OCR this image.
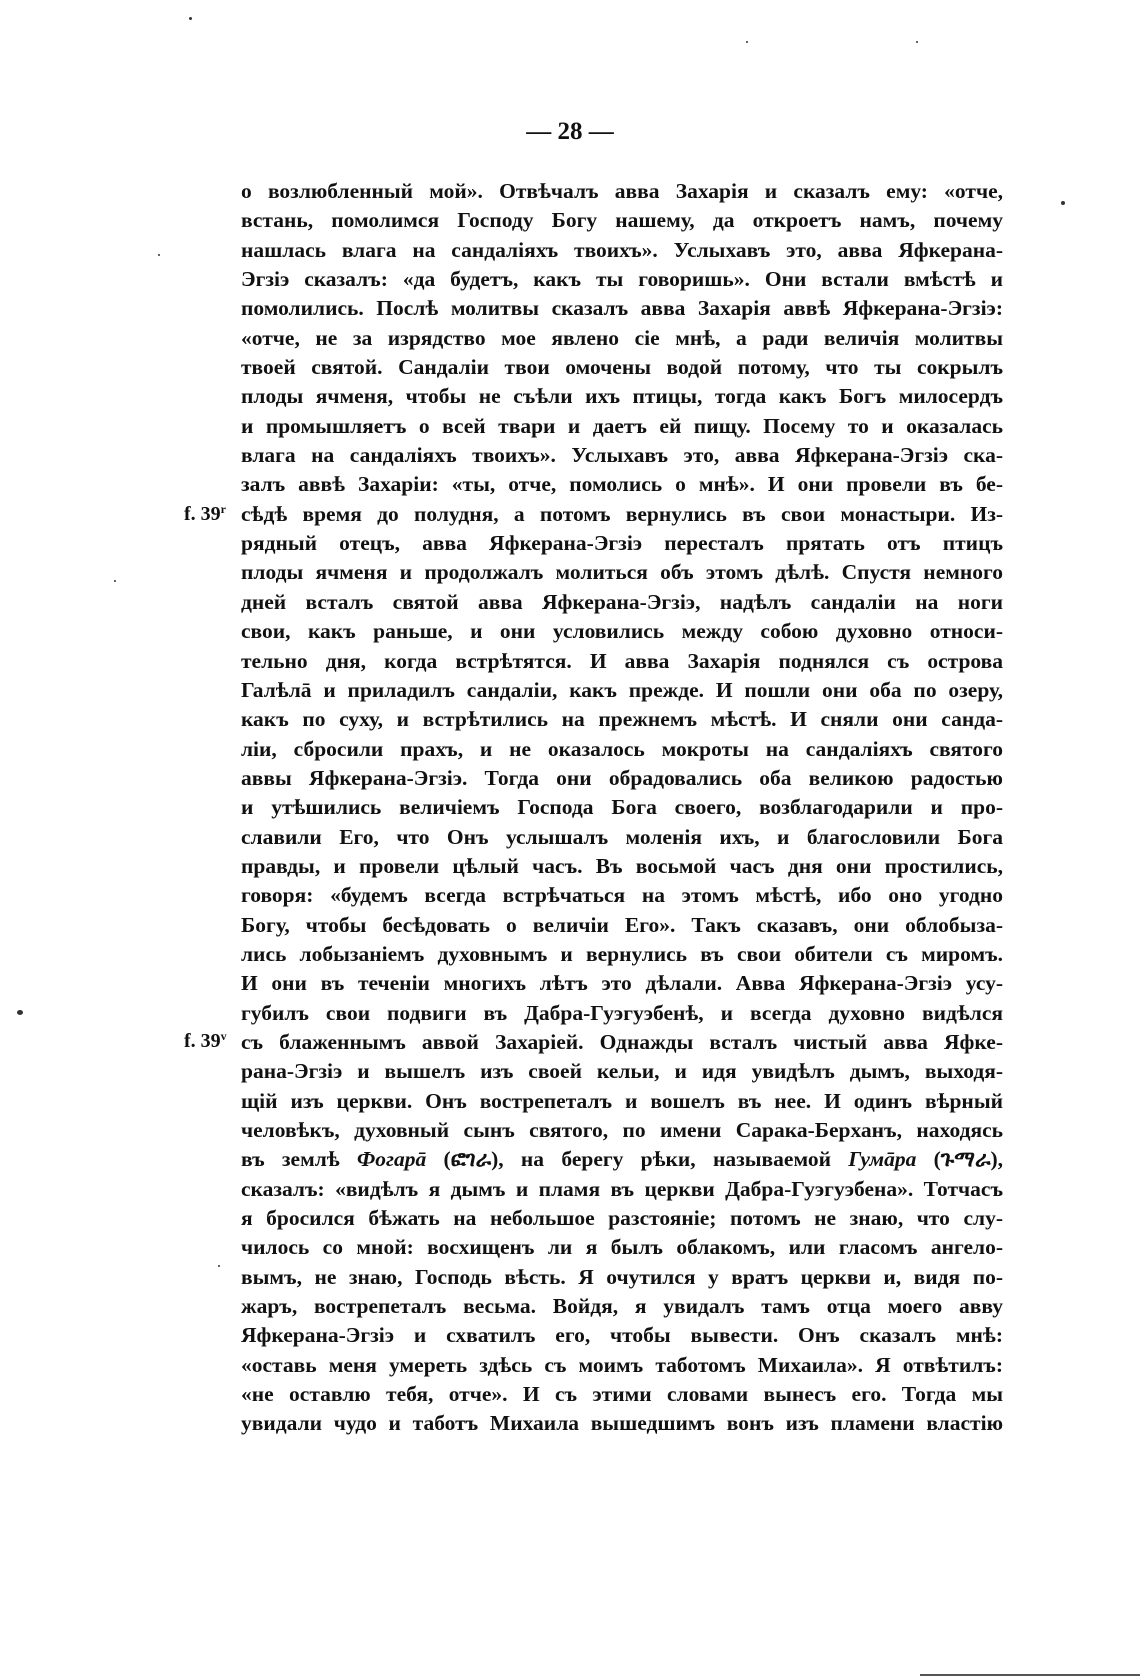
— 28 —
f. 39$^r$
f. 39$^v$
о возлюбленный мой». Отвѣчалъ авва Захарія и сказалъ ему: «отче,
встань, помолимся Господу Богу нашему, да откроетъ намъ, почему
нашлась влага на сандаліяхъ твоихъ». Услыхавъ это, авва Яфкерана-
Эгзіэ сказалъ: «да будетъ, какъ ты говоришь». Они встали вмѣстѣ и
помолились. Послѣ молитвы сказалъ авва Захарія аввѣ Яфкерана-Эгзіэ:
«отче, не за изрядство мое явлено сіе мнѣ, а ради величія молитвы
твоей святой. Сандаліи твои омочены водой потому, что ты сокрылъ
плоды ячменя, чтобы не съѣли ихъ птицы, тогда какъ Богъ милосердъ
и промышляетъ о всей твари и даетъ ей пищу. Посему то и оказалась
влага на сандаліяхъ твоихъ». Услыхавъ это, авва Яфкерана-Эгзіэ ска-
залъ аввѣ Захаріи: «ты, отче, помолись о мнѣ». И они провели въ бе-
сѣдѣ время до полудня, а потомъ вернулись въ свои монастыри. Из-
рядный отецъ, авва Яфкерана-Эгзіэ пересталъ прятать отъ птицъ
плоды ячменя и продолжалъ молиться объ этомъ дѣлѣ. Спустя немного
дней всталъ святой авва Яфкерана-Эгзіэ, надѣлъ сандаліи на ноги
свои, какъ раньше, и они условились между собою духовно относи-
тельно дня, когда встрѣтятся. И авва Захарія поднялся съ острова
Галѣлā и приладилъ сандаліи, какъ прежде. И пошли они оба по озеру,
какъ по суху, и встрѣтились на прежнемъ мѣстѣ. И сняли они санда-
ліи, сбросили прахъ, и не оказалось мокроты на сандаліяхъ святого
аввы Яфкерана-Эгзіэ. Тогда они обрадовались оба великою радостью
и утѣшились величіемъ Господа Бога своего, возблагодарили и про-
славили Его, что Онъ услышалъ моленія ихъ, и благословили Бога
правды, и провели цѣлый часъ. Въ восьмой часъ дня они простились,
говоря: «будемъ всегда встрѣчаться на этомъ мѣстѣ, ибо оно угодно
Богу, чтобы бесѣдовать о величіи Его». Такъ сказавъ, они облобыза-
лись лобызаніемъ духовнымъ и вернулись въ свои обители съ миромъ.
И они въ теченіи многихъ лѣтъ это дѣлали. Авва Яфкерана-Эгзіэ усу-
губилъ свои подвиги въ Дабра-Гуэгуэбенѣ, и всегда духовно видѣлся
съ блаженнымъ аввой Захаріей. Однажды всталъ чистый авва Яфке-
рана-Эгзіэ и вышелъ изъ своей кельи, и идя увидѣлъ дымъ, выходя-
щій изъ церкви. Онъ вострепеталъ и вошелъ въ нее. И одинъ вѣрный
человѣкъ, духовный сынъ святого, по имени Сарака-Берханъ, находясь
въ землѣ Фогарā (ፎገራ), на берегу рѣки, называемой Гумāра (ጉማራ),
сказалъ: «видѣлъ я дымъ и пламя въ церкви Дабра-Гуэгуэбена». Тотчасъ
я бросился бѣжать на небольшое разстояніе; потомъ не знаю, что слу-
чилось со мной: восхищенъ ли я былъ облакомъ, или гласомъ ангело-
вымъ, не знаю, Господь вѣсть. Я очутился у вратъ церкви и, видя по-
жаръ, вострепеталъ весьма. Войдя, я увидалъ тамъ отца моего авву
Яфкерана-Эгзіэ и схватилъ его, чтобы вывести. Онъ сказалъ мнѣ:
«оставь меня умереть здѣсь съ моимъ таботомъ Михаила». Я отвѣтилъ:
«не оставлю тебя, отче». И съ этими словами вынесъ его. Тогда мы
увидали чудо и таботъ Михаила вышедшимъ вонъ изъ пламени властію
